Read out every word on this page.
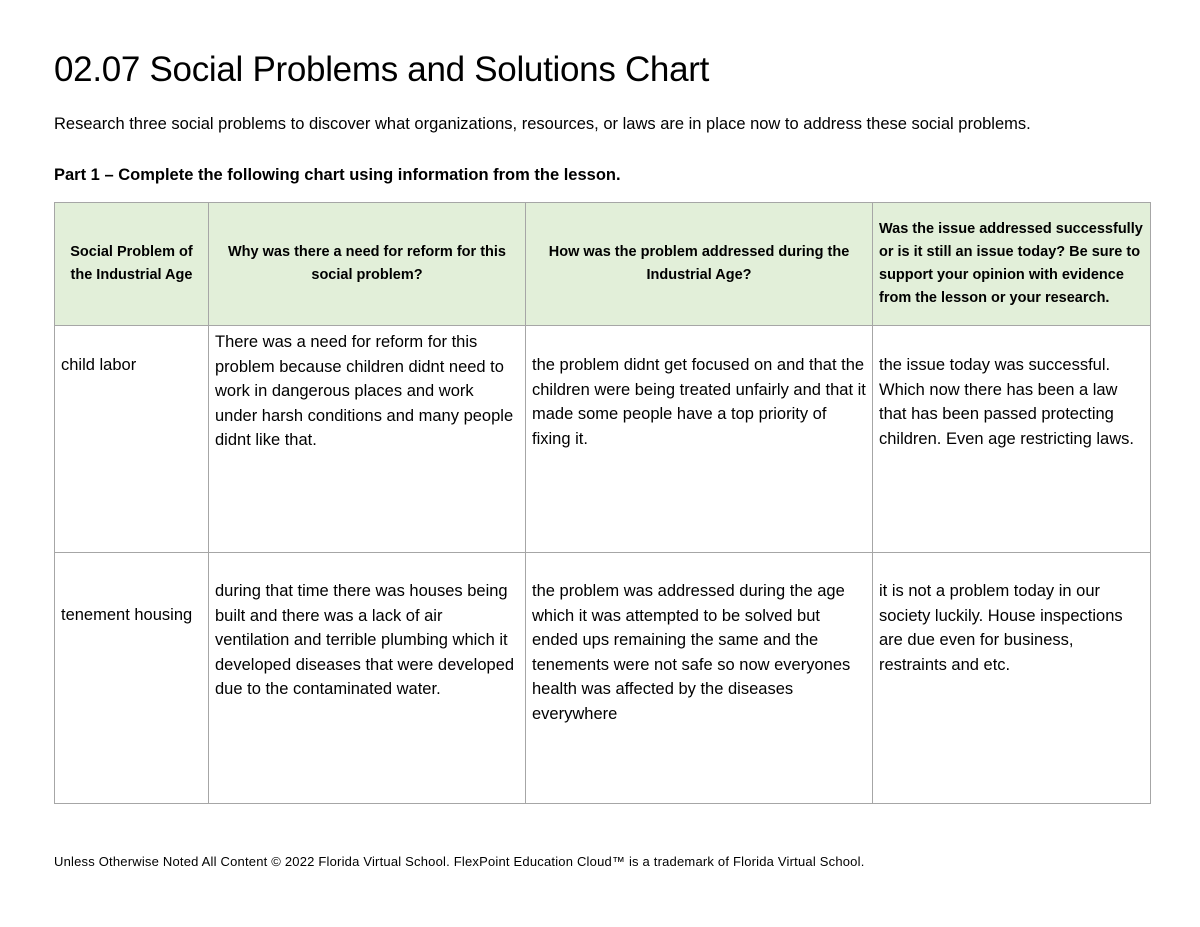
02.07 Social Problems and Solutions Chart

Research three social problems to discover what organizations, resources, or laws are in place now to address these social problems.

Part 1 – Complete the following chart using information from the lesson.

Social Problem of the Industrial Age	Why was there a need for reform for this social problem?	How was the problem addressed during the Industrial Age?	Was the issue addressed successfully or is it still an issue today? Be sure to support your opinion with evidence from the lesson or your research.
child labor	There was a need for reform for this problem because children didnt need to work in dangerous places and work under harsh conditions and many people didnt like that.	the problem didnt get focused on and that the children were being treated unfairly and that it made some people have a top priority of fixing it.	the issue today was successful. Which now there has been a law that has been passed protecting children. Even age restricting laws.
tenement housing	during that time there was houses being built and there was a lack of air ventilation and terrible plumbing which it developed diseases that were developed due to the contaminated water.	the problem was addressed during the age which it was attempted to be solved but ended ups remaining the same and the tenements were not safe so now everyones health was affected by the diseases everywhere	it is not a problem today in our society luckily. House inspections are due even for business, restraints and etc.

Unless Otherwise Noted All Content © 2022 Florida Virtual School. FlexPoint Education Cloud™ is a trademark of Florida Virtual School.
